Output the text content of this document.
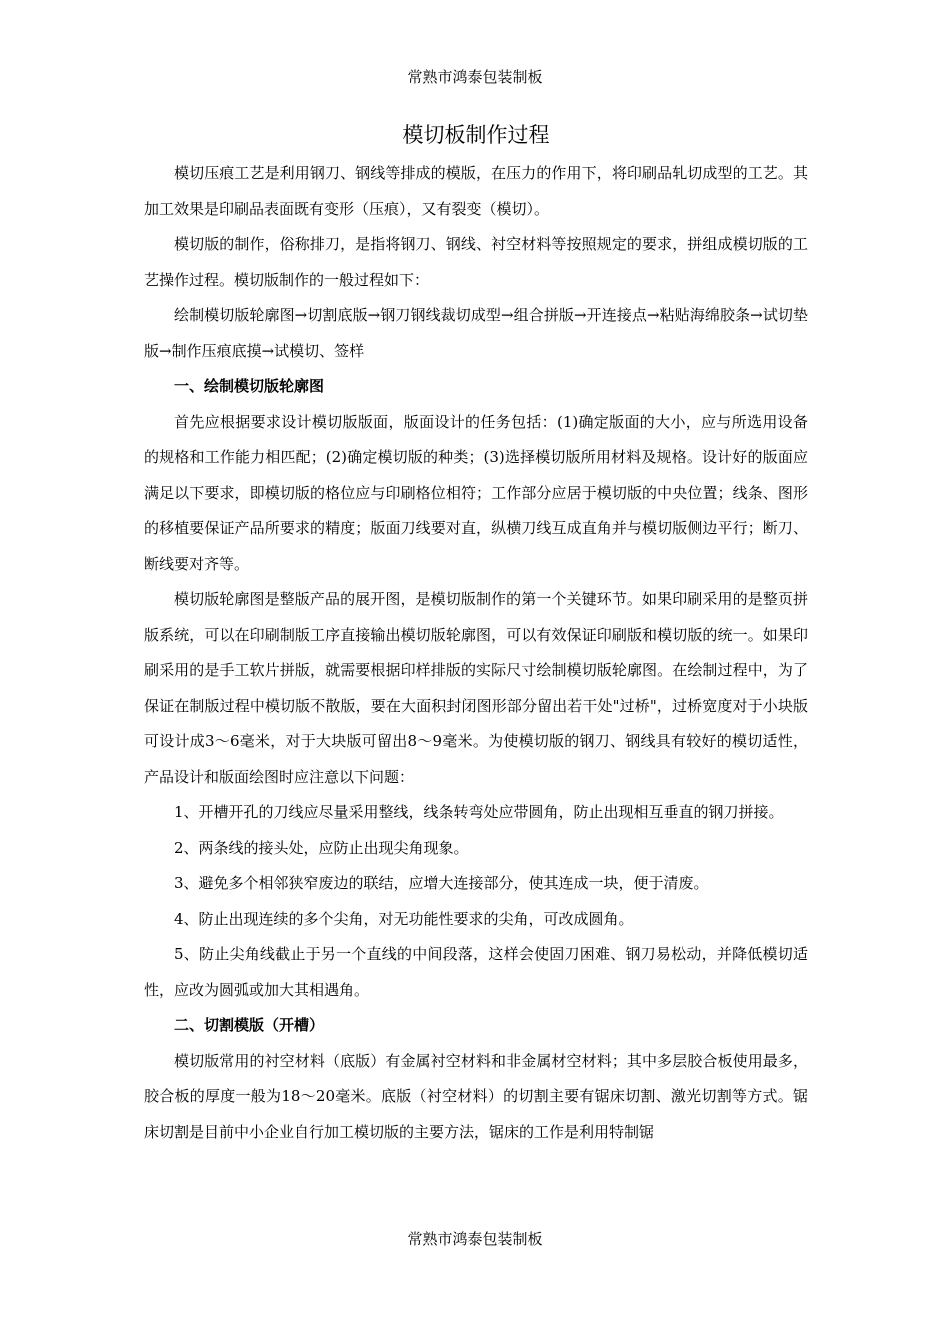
常熟市鸿泰包装制板
模切板制作过程

模切压痕工艺是利用钢刀、钢线等排成的模版，在压力的作用下，将印刷品轧切成型的工艺。其加工效果是印刷品表面既有变形（压痕），又有裂变（模切）。

模切版的制作，俗称排刀，是指将钢刀、钢线、衬空材料等按照规定的要求，拼组成模切版的工艺操作过程。模切版制作的一般过程如下：

绘制模切版轮廓图→切割底版→钢刀钢线裁切成型→组合拼版→开连接点→粘贴海绵胶条→试切垫版→制作压痕底摸→试模切、签样

一、绘制模切版轮廓图

首先应根据要求设计模切版版面，版面设计的任务包括：(1)确定版面的大小，应与所选用设备的规格和工作能力相匹配；(2)确定模切版的种类；(3)选择模切版所用材料及规格。设计好的版面应满足以下要求，即模切版的格位应与印刷格位相符；工作部分应居于模切版的中央位置；线条、图形的移植要保证产品所要求的精度；版面刀线要对直，纵横刀线互成直角并与模切版侧边平行；断刀、断线要对齐等。

模切版轮廓图是整版产品的展开图，是模切版制作的第一个关键环节。如果印刷采用的是整页拼版系统，可以在印刷制版工序直接输出模切版轮廓图，可以有效保证印刷版和模切版的统一。如果印刷采用的是手工软片拼版，就需要根据印样排版的实际尺寸绘制模切版轮廓图。在绘制过程中，为了保证在制版过程中模切版不散版，要在大面积封闭图形部分留出若干处"过桥"，过桥宽度对于小块版可设计成3～6毫米，对于大块版可留出8～9毫米。为使模切版的钢刀、钢线具有较好的模切适性，产品设计和版面绘图时应注意以下问题：

1、开槽开孔的刀线应尽量采用整线，线条转弯处应带圆角，防止出现相互垂直的钢刀拼接。

2、两条线的接头处，应防止出现尖角现象。

3、避免多个相邻狭窄废边的联结，应增大连接部分，使其连成一块，便于清废。

4、防止出现连续的多个尖角，对无功能性要求的尖角，可改成圆角。

5、防止尖角线截止于另一个直线的中间段落，这样会使固刀困难、钢刀易松动，并降低模切适性，应改为圆弧或加大其相遇角。

二、切割模版（开槽）

模切版常用的衬空材料（底版）有金属衬空材料和非金属材空材料；其中多层胶合板使用最多，胶合板的厚度一般为18～20毫米。底版（衬空材料）的切割主要有锯床切割、激光切割等方式。锯床切割是目前中小企业自行加工模切版的主要方法，锯床的工作是利用特制锯

常熟市鸿泰包装制板
